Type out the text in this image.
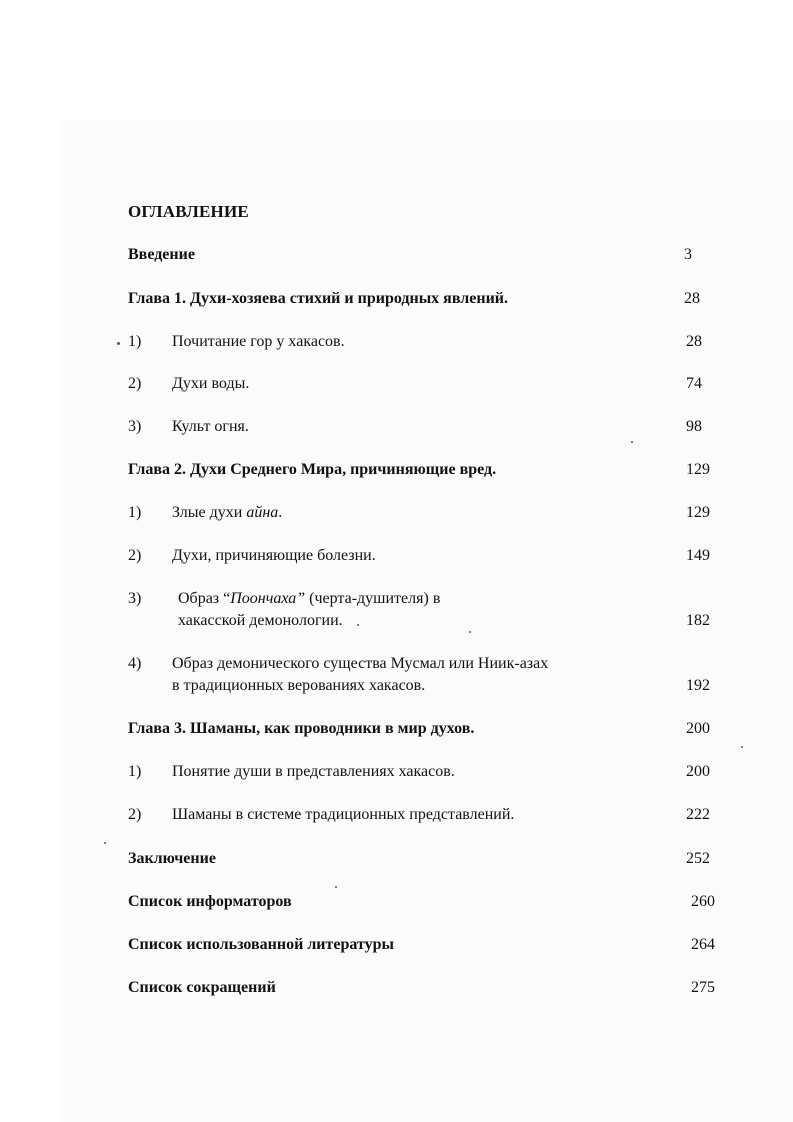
ОГЛАВЛЕНИЕ
Введение	3
Глава 1. Духи-хозяева стихий и природных явлений.	28
1) Почитание гор у хакасов.	28
2) Духи воды.	74
3) Культ огня.	98
Глава 2. Духи Среднего Мира, причиняющие вред.	129
1) Злые духи айна.	129
2) Духи, причиняющие болезни.	149
3) Образ “Поончаха” (черта-душителя) в
хакасской демонологии.	182
4) Образ демонического существа Мусмал или Ниик-азах
в традиционных верованиях хакасов.	192
Глава 3. Шаманы, как проводники в мир духов.	200
1) Понятие души в представлениях хакасов.	200
2) Шаманы в системе традиционных представлений.	222
Заключение	252
Список информаторов	260
Список использованной литературы	264
Список сокращений	275
